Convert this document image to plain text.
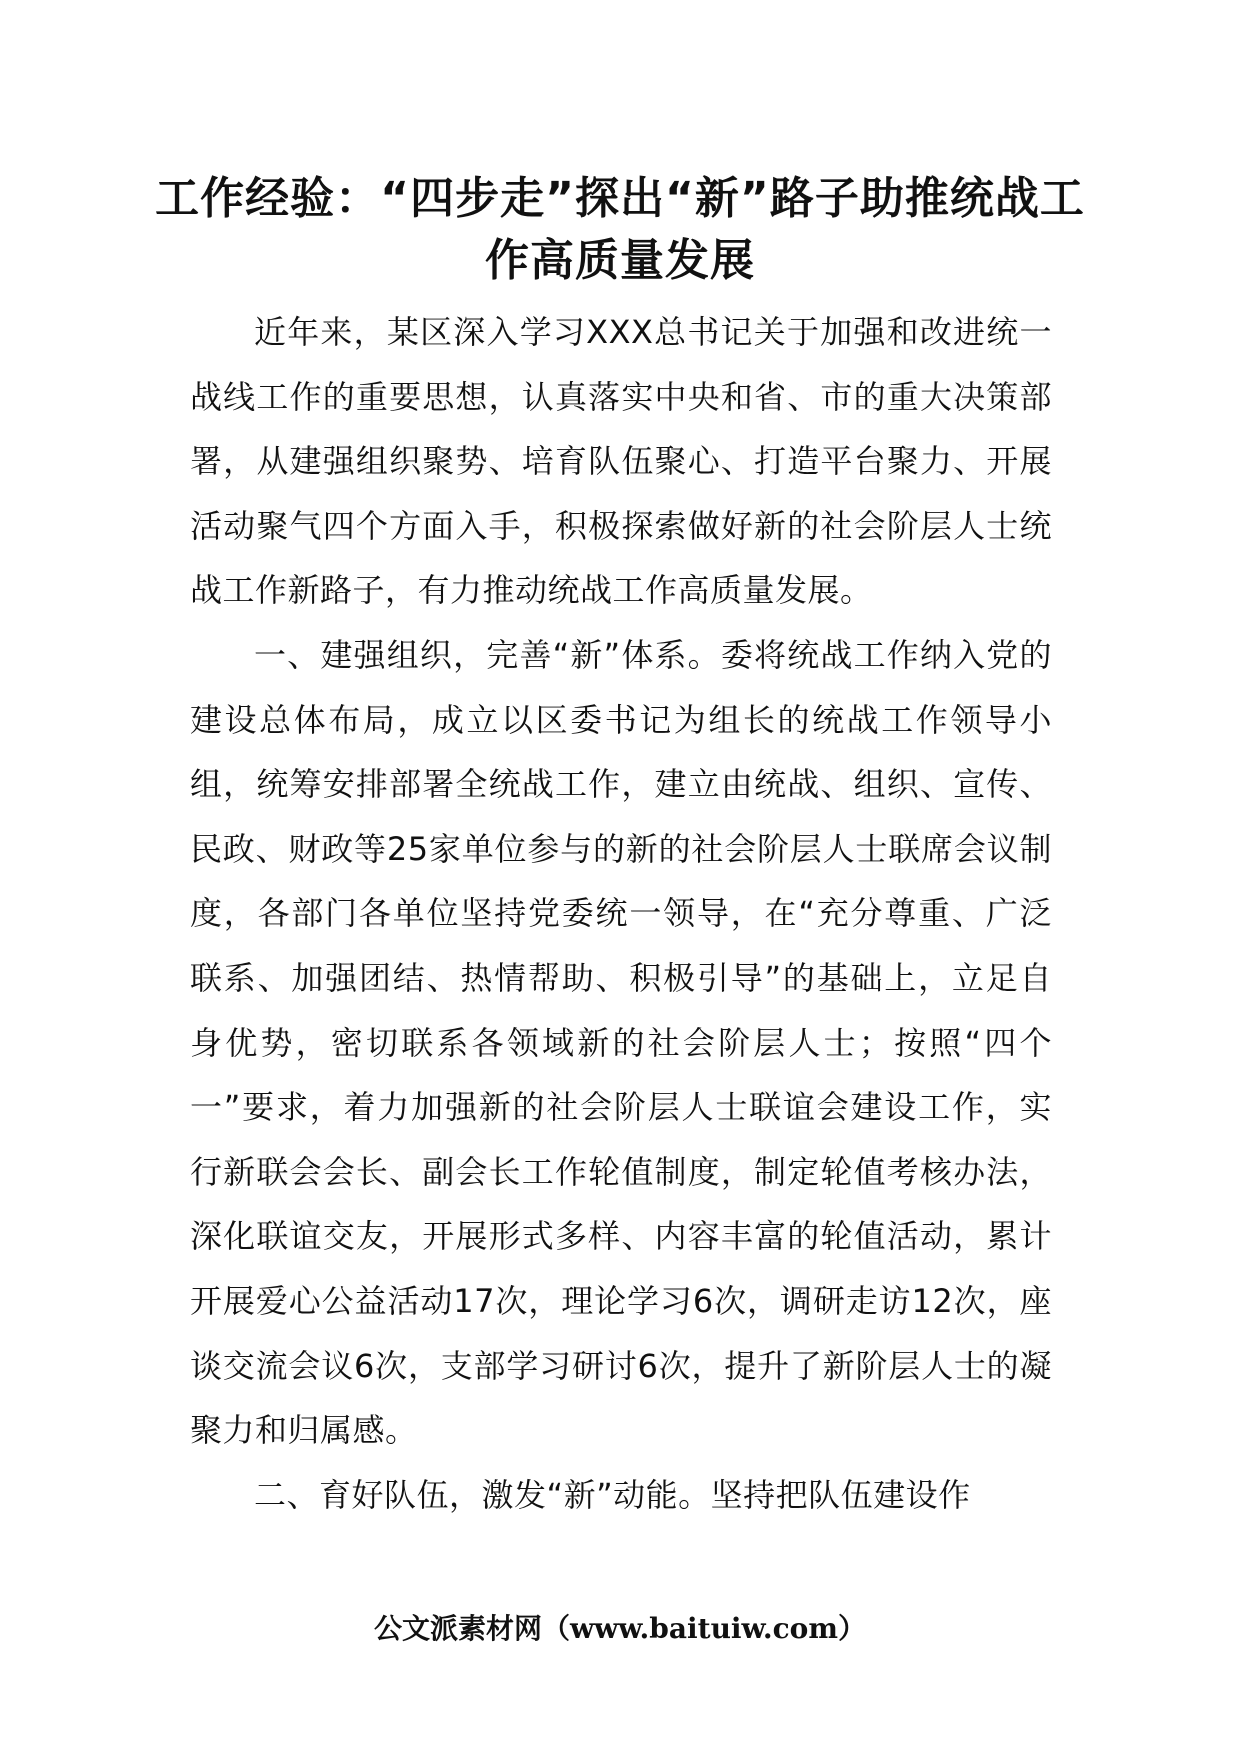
工作经验：“四步走”探出“新”路子助推统战工作高质量发展

近年来，某区深入学习XXX总书记关于加强和改进统一战线工作的重要思想，认真落实中央和省、市的重大决策部署，从建强组织聚势、培育队伍聚心、打造平台聚力、开展活动聚气四个方面入手，积极探索做好新的社会阶层人士统战工作新路子，有力推动统战工作高质量发展。

一、建强组织，完善“新”体系。委将统战工作纳入党的建设总体布局，成立以区委书记为组长的统战工作领导小组，统筹安排部署全统战工作，建立由统战、组织、宣传、民政、财政等25家单位参与的新的社会阶层人士联席会议制度，各部门各单位坚持党委统一领导，在“充分尊重、广泛联系、加强团结、热情帮助、积极引导”的基础上，立足自身优势，密切联系各领域新的社会阶层人士；按照“四个一”要求，着力加强新的社会阶层人士联谊会建设工作，实行新联会会长、副会长工作轮值制度，制定轮值考核办法，深化联谊交友，开展形式多样、内容丰富的轮值活动，累计开展爱心公益活动17次，理论学习6次，调研走访12次，座谈交流会议6次，支部学习研讨6次，提升了新阶层人士的凝聚力和归属感。

二、育好队伍，激发“新”动能。坚持把队伍建设作

公文派素材网（www.baituiw.com）
